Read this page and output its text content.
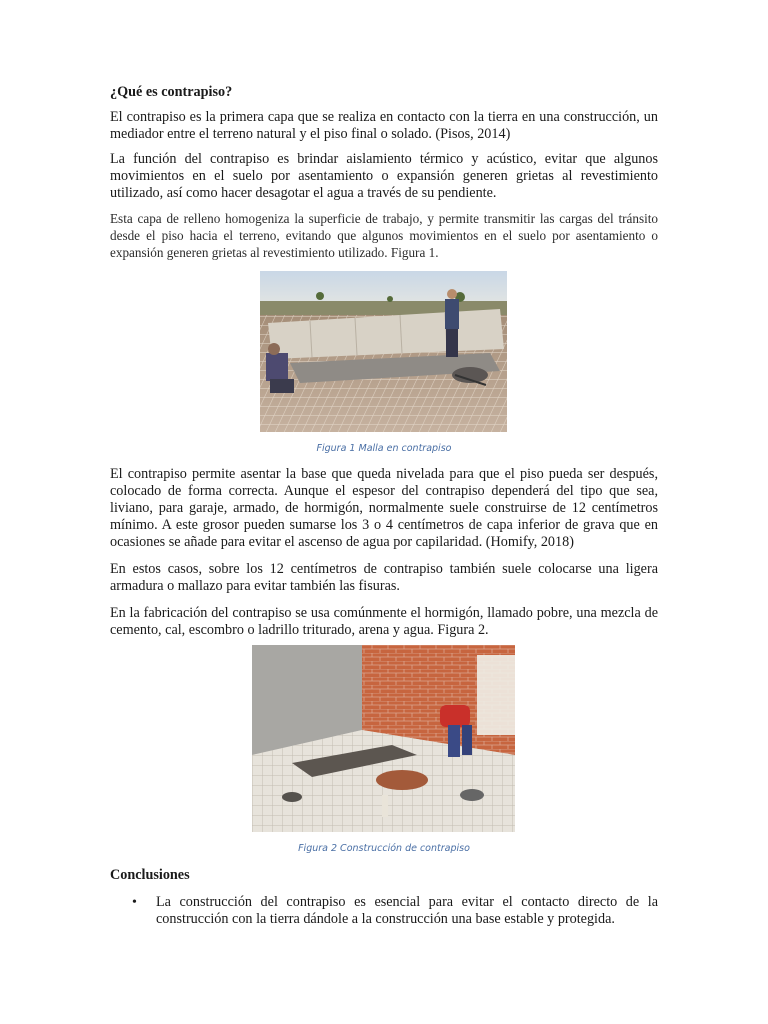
¿Qué es contrapiso?

El contrapiso es la primera capa que se realiza en contacto con la tierra en una construcción, un mediador entre el terreno natural y el piso final o solado. (Pisos, 2014)

La función del contrapiso es brindar aislamiento térmico y acústico, evitar que algunos movimientos en el suelo por asentamiento o expansión generen grietas al revestimiento utilizado, así como hacer desagotar el agua a través de su pendiente.

Esta capa de relleno homogeniza la superficie de trabajo, y permite transmitir las cargas del tránsito desde el piso hacia el terreno, evitando que algunos movimientos en el suelo por asentamiento o expansión generen grietas al revestimiento utilizado. Figura 1.

Figura 1 Malla en contrapiso

El contrapiso permite asentar la base que queda nivelada para que el piso pueda ser después, colocado de forma correcta. Aunque el espesor del contrapiso dependerá del tipo que sea, liviano, para garaje, armado, de hormigón, normalmente suele construirse de 12 centímetros mínimo. A este grosor pueden sumarse los 3 o 4 centímetros de capa inferior de grava que en ocasiones se añade para evitar el ascenso de agua por capilaridad. (Homify, 2018)

En estos casos, sobre los 12 centímetros de contrapiso también suele colocarse una ligera armadura o mallazo para evitar también las fisuras.

En la fabricación del contrapiso se usa comúnmente el hormigón, llamado pobre, una mezcla de cemento, cal, escombro o ladrillo triturado, arena y agua. Figura 2.

Figura 2 Construcción de contrapiso
Conclusiones
• La construcción del contrapiso es esencial para evitar el contacto directo de la construcción con la tierra dándole a la construcción una base estable y protegida.
